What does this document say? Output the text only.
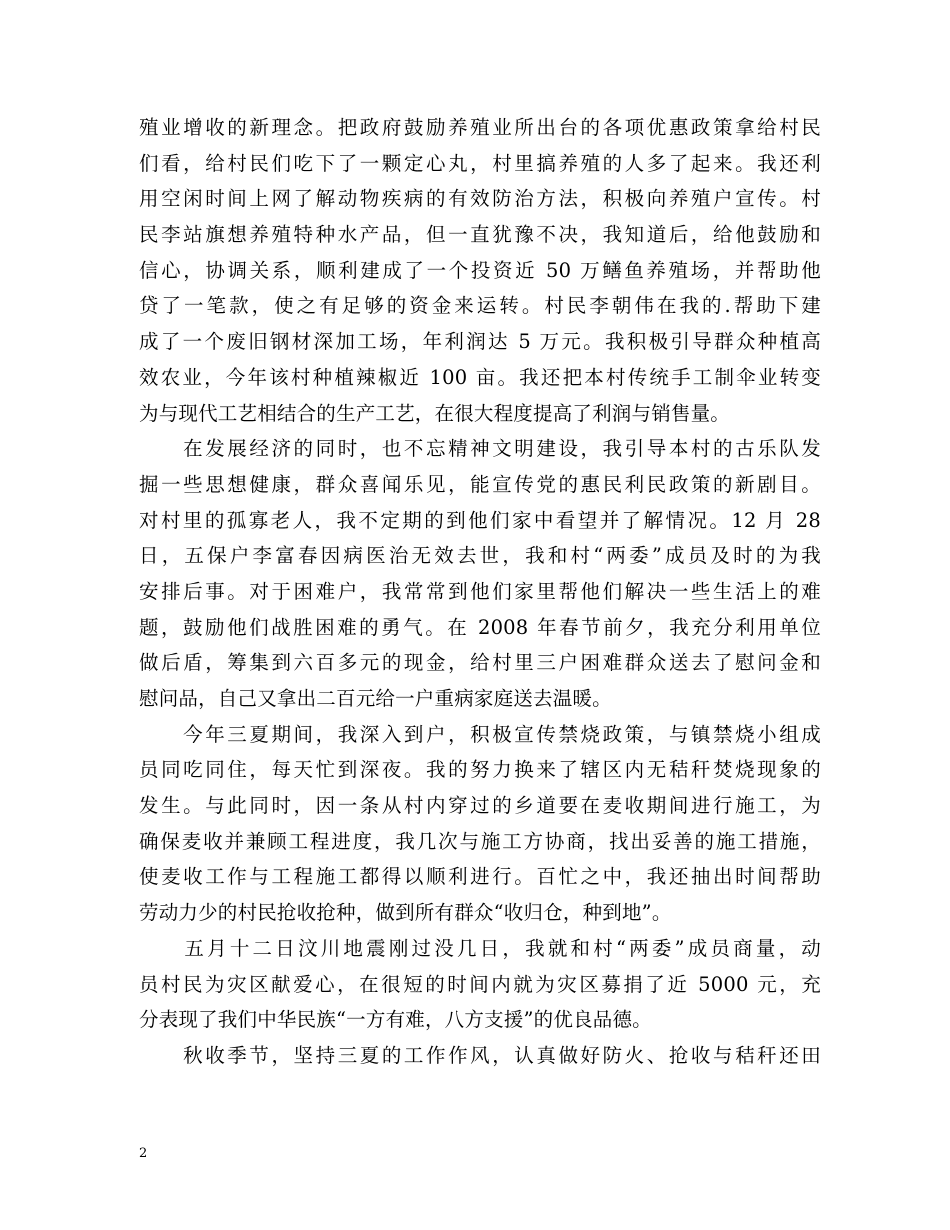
殖业增收的新理念。把政府鼓励养殖业所出台的各项优惠政策拿给村民
们看，给村民们吃下了一颗定心丸，村里搞养殖的人多了起来。我还利
用空闲时间上网了解动物疾病的有效防治方法，积极向养殖户宣传。村
民李站旗想养殖特种水产品，但一直犹豫不决，我知道后，给他鼓励和
信心，协调关系，顺利建成了一个投资近 50 万鳝鱼养殖场，并帮助他
贷了一笔款，使之有足够的资金来运转。村民李朝伟在我的.帮助下建
成了一个废旧钢材深加工场，年利润达 5 万元。我积极引导群众种植高
效农业，今年该村种植辣椒近 100 亩。我还把本村传统手工制伞业转变
为与现代工艺相结合的生产工艺，在很大程度提高了利润与销售量。
　　在发展经济的同时，也不忘精神文明建设，我引导本村的古乐队发
掘一些思想健康，群众喜闻乐见，能宣传党的惠民利民政策的新剧目。
对村里的孤寡老人，我不定期的到他们家中看望并了解情况。12 月 28
日，五保户李富春因病医治无效去世，我和村“两委”成员及时的为我
安排后事。对于困难户，我常常到他们家里帮他们解决一些生活上的难
题，鼓励他们战胜困难的勇气。在 2008 年春节前夕，我充分利用单位
做后盾，筹集到六百多元的现金，给村里三户困难群众送去了慰问金和
慰问品，自己又拿出二百元给一户重病家庭送去温暖。
　　今年三夏期间，我深入到户，积极宣传禁烧政策，与镇禁烧小组成
员同吃同住，每天忙到深夜。我的努力换来了辖区内无秸秆焚烧现象的
发生。与此同时，因一条从村内穿过的乡道要在麦收期间进行施工，为
确保麦收并兼顾工程进度，我几次与施工方协商，找出妥善的施工措施，
使麦收工作与工程施工都得以顺利进行。百忙之中，我还抽出时间帮助
劳动力少的村民抢收抢种，做到所有群众“收归仓，种到地”。
　　五月十二日汶川地震刚过没几日，我就和村“两委”成员商量，动
员村民为灾区献爱心，在很短的时间内就为灾区募捐了近 5000 元，充
分表现了我们中华民族“一方有难，八方支援”的优良品德。
　　秋收季节，坚持三夏的工作作风，认真做好防火、抢收与秸秆还田
2
